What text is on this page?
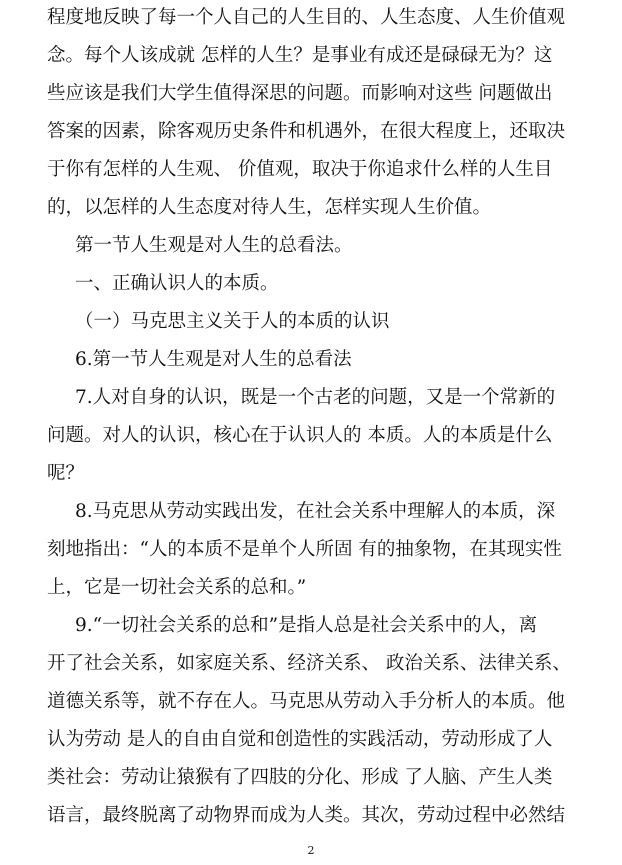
程度地反映了每一个人自己的人生目的、人生态度、人生价值观
念。每个人该成就 怎样的人生？是事业有成还是碌碌无为？这
些应该是我们大学生值得深思的问题。而影响对这些 问题做出
答案的因素，除客观历史条件和机遇外，在很大程度上，还取决
于你有怎样的人生观、 价值观，取决于你追求什么样的人生目
的，以怎样的人生态度对待人生，怎样实现人生价值。
第一节人生观是对人生的总看法。
一、正确认识人的本质。
（一）马克思主义关于人的本质的认识
6.第一节人生观是对人生的总看法
7.人对自身的认识，既是一个古老的问题，又是一个常新的
问题。对人的认识，核心在于认识人的 本质。人的本质是什么
呢？
8.马克思从劳动实践出发，在社会关系中理解人的本质，深
刻地指出：“人的本质不是单个人所固 有的抽象物，在其现实性
上，它是一切社会关系的总和。”
9.“一切社会关系的总和”是指人总是社会关系中的人，离
开了社会关系，如家庭关系、经济关系、 政治关系、法律关系、
道德关系等，就不存在人。马克思从劳动入手分析人的本质。他
认为劳动 是人的自由自觉和创造性的实践活动，劳动形成了人
类社会：劳动让猿猴有了四肢的分化、形成 了人脑、产生人类
语言，最终脱离了动物界而成为人类。其次，劳动过程中必然结
2
